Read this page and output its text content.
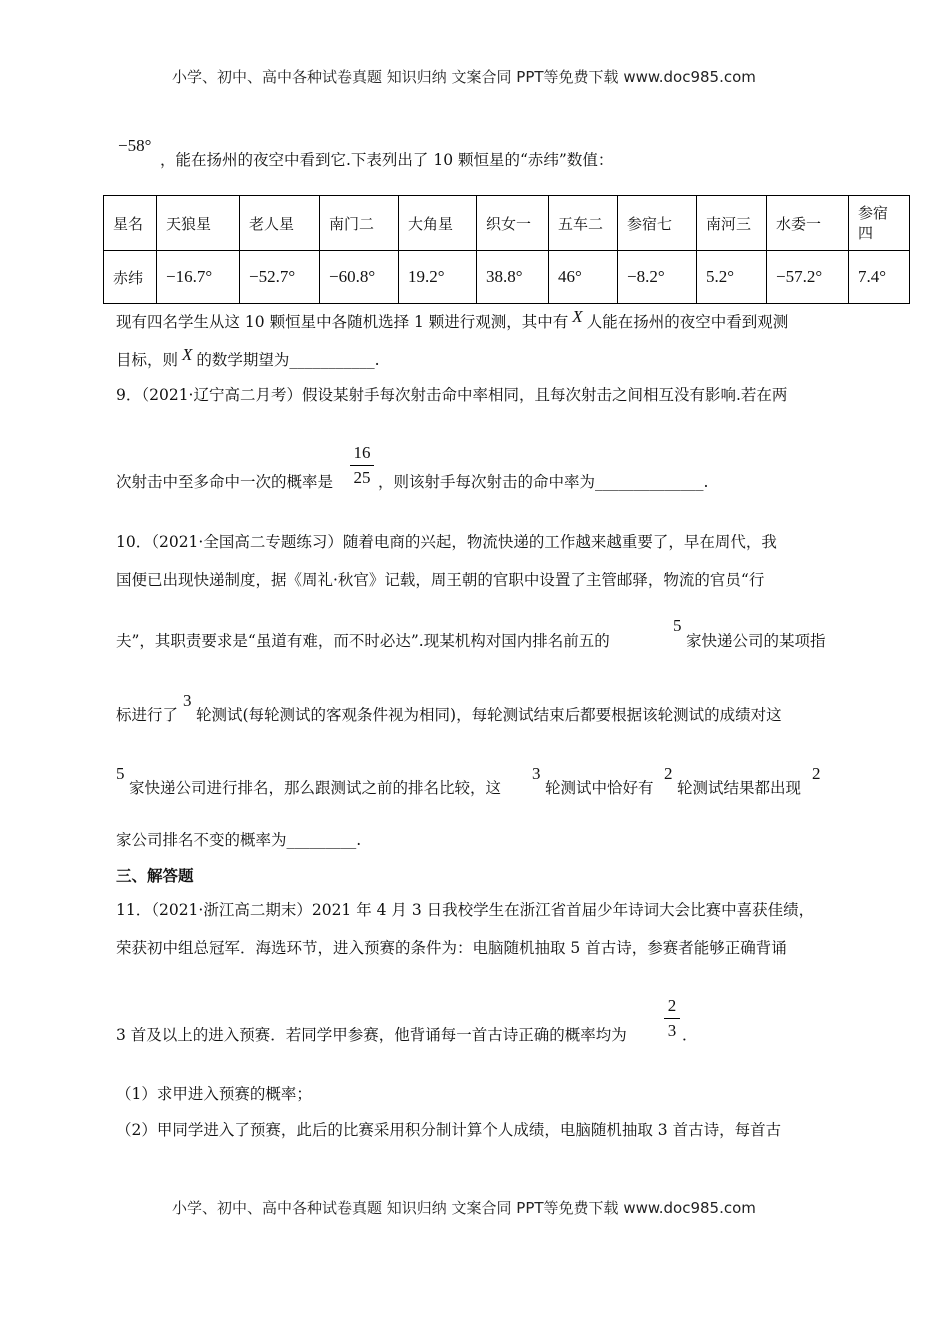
小学、初中、高中各种试卷真题 知识归纳 文案合同 PPT等免费下载 www.doc985.com
−58°
，能在扬州的夜空中看到它.下表列出了 10 颗恒星的“赤纬”数值：
星名	天狼星	老人星	南门二	大角星	织女一	五车二	参宿七	南河三	水委一	参宿四
赤纬	−16.7°	−52.7°	−60.8°	19.2°	38.8°	46°	−8.2°	5.2°	−57.2°	7.4°
现有四名学生从这 10 颗恒星中各随机选择 1 颗进行观测，其中有 X 人能在扬州的夜空中看到观测
目标，则 X 的数学期望为___________.
9．（2021·辽宁高二月考）假设某射手每次射击命中率相同，且每次射击之间相互没有影响.若在两
16
25
次射击中至多命中一次的概率是	，则该射手每次射击的命中率为______________.
10．（2021·全国高二专题练习）随着电商的兴起，物流快递的工作越来越重要了，早在周代，我
国便已出现快递制度，据《周礼·秋官》记载，周王朝的官职中设置了主管邮驿，物流的官员“行
夫”，其职责要求是“虽道有难，而不时必达”.现某机构对国内排名前五的
5
家快递公司的某项指
标进行了
3
轮测试(每轮测试的客观条件视为相同)，每轮测试结束后都要根据该轮测试的成绩对这
5
家快递公司进行排名，那么跟测试之前的排名比较，这
3
轮测试中恰好有
2
轮测试结果都出现
2
家公司排名不变的概率为_________.
三、解答题
11．（2021·浙江高二期末）2021 年 4 月 3 日我校学生在浙江省首届少年诗词大会比赛中喜获佳绩，
荣获初中组总冠军．海选环节，进入预赛的条件为：电脑随机抽取 5 首古诗，参赛者能够正确背诵
2
3
3 首及以上的进入预赛．若同学甲参赛，他背诵每一首古诗正确的概率均为	．
（1）求甲进入预赛的概率；
（2）甲同学进入了预赛，此后的比赛采用积分制计算个人成绩，电脑随机抽取 3 首古诗，每首古
小学、初中、高中各种试卷真题 知识归纳 文案合同 PPT等免费下载 www.doc985.com
